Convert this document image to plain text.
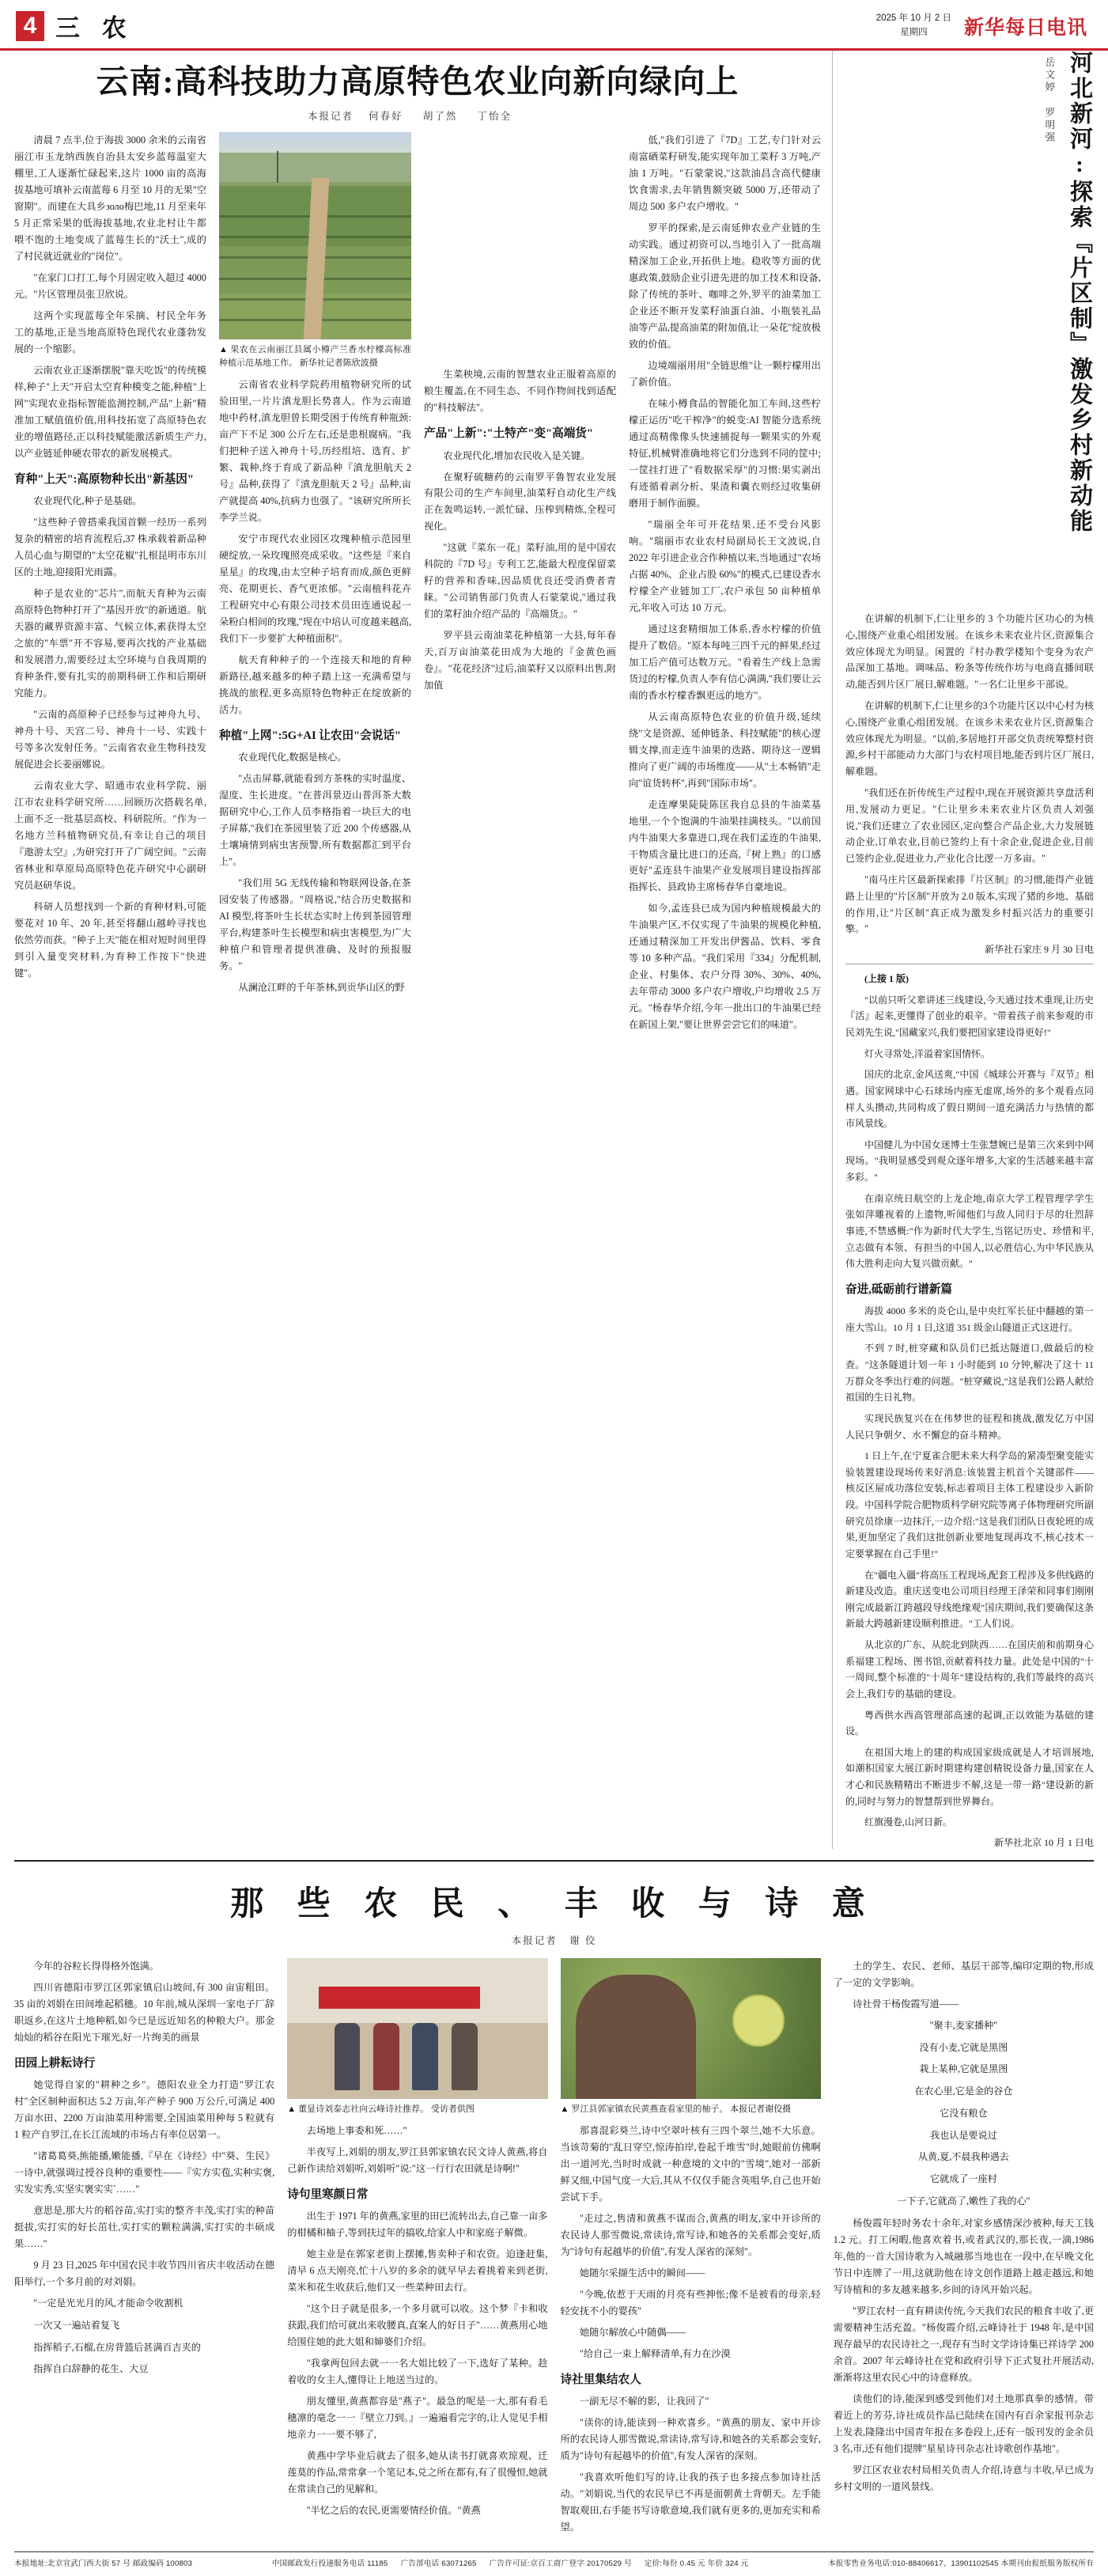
4 三 农	2025 年 10 月 2 日
星期四	新华每日电讯
云南:高科技助力高原特色农业向新向绿向上
本报记者 何春好 胡了然 丁怡全

清晨 7 点半,位于海拔 3000 余米的云南省丽江市玉龙纳西族自治县太安乡蓝莓温室大棚里,工人逐渐忙碌起来,这片 1000 亩的高海拔基地可填补云南蓝莓 6 月至 10 月的无果"空窗期"。而建在大具乡золо梅巴地,11 月至来年 5 月正常采果的低海拔基地,农业北村让牛都喂不饱的土地变成了蓝莓生长的"沃土",成的了村民就近就业的"岗位"。

"在家门口打工,每个月固定收入超过 4000 元。"片区管理员张卫欣说。

这两个实现蓝莓全年采摘、村民全年务工的基地,正是当地高原特色现代农业蓬勃发展的一个缩影。

云南农业正逐渐摆脱"靠天吃饭"的传统模样,种子"上天"开启太空育种模变之能,种植"上网"实现农业指标智能监测控制,产品"上新"精准加工赋值值价值,用科技拓宽了高原特色农业的增值路径,正以科技赋能激活新质生产力,以产业链延伸硬农带农的新发展模式。

育种"上天":高原物种长出"新基因"

农业现代化,种子是基础。

"这些种子曾搭乘我国首颗一经历一系列复杂的精密的培育流程后,37 株承载着新品种人员心血与期望的"太空花椒"扎根昆明市东川区的土地,迎接阳光雨露。

种子是农业的"芯片",而航天育种为云南高原特色物种打开了"基因开放"的新通道。航天器的藏界资源丰富、气候立体,素获得太空之旅的"车票"开不容易,要再次找的产业基础和发展潜力,需要经过太空环境与自我周期的育种条件,要有扎实的前期科研工作和后期研究能力。

"云南的高原种子已经参与过神舟九号、神舟十号、天宫二号、神舟十一号、实践十号等多次发射任务。"云南省农业生物科技发展促进会长姜丽娜说。

云南农业大学、昭通市农业科学院、丽江市农业科学研究所……回顾历次搭载名单,上面不乏一批基层高校、科研院所。"作为一名地方兰科植物研究员,有幸让自己的项目『遨游太空』,为研究打开了广阔空间。"云南省林业和草原局高原特色花卉研究中心副研究员赵研华说。

科研人员想找到一个新的育种材料,可能要花对 10 年、20 年,甚至将翻山越岭寻找也依然劳而获。"种子上天"能在相对短时间里得到引入量变突材料,为育种工作按下"快进键"。

▲ 果农在云南丽江县属小樽产兰香水柠檬高标准种植示范基地工作。 新华社记者陈欣波摄

云南省农业科学院药用植物研究所的试验田里,一片片滇龙胆长势喜人。作为云南道地中药材,滇龙胆曾长期受困于传统育种瓶颈:亩产下不足 300 公斤左右,还是患根腐病。"我们把种子送入神舟十号,历经组培、选育、扩繁、栽种,终于育成了新品种『滇龙胆航天 2 号』品种,获得了『滇龙胆航天 2 号』品种,亩产就提高 40%,抗病力也强了。"该研究所所长李学兰说。

安宁市现代农业园区攻瑰种植示范园里硬绽放,一朵玫瑰照亮成采收。"这些是『来自星星』的玫瑰,由太空种子培育而成,颜色更鲜亮、花期更长、香气更浓郁。"云南植科花卉工程研究中心有限公司技术员田连通说起一朵粉白相间的玫瑰,"现在中培认可度越来越高,我们下一步要扩大种植面积"。

航天育种种子的一个连接天和地的育种新路径,越来越多的种子踏上这一充满希望与挑战的旅程,更多高原特色物种正在绽放新的活力。

种植"上网":5G+AI 让农田"会说话"

农业现代化,数据是核心。

"点击屏幕,就能看到方茶株的实时温度、湿度、生长进度。"在普洱景迈山普洱茶大数据研究中心,工作人员李格指着一块巨大的电子屏幕,"我们在茶园里装了近 200 个传感器,从土壤墒情到病虫害预警,所有数据都汇到平台上"。

"我们用 5G 无线传输和物联网设备,在茶园安装了传感器。"周格说,"结合历史数据和 AI 模型,将茶叶生长状态实时上传到茶园管理平台,构建茶叶生长模型和病虫害模型,为广大种植户和管理者提供准确、及时的预报服务。"

从澜沧江畔的千年茶林,到贡华山区的野

生菜秧境,云南的智慧农业正服着高原的粮生覆盖,在不同生态、不同作物间找到适配的"科技解法"。

产品"上新":"土特产"变"高端货"

农业现代化,增加农民收入是关键。

在聚籽硫糖药的云南罗平鲁智农业发展有限公司的生产车间里,油菜籽自动化生产线正在轰鸣运转,一派忙碌、压榨到精炼,全程可视化。

"这就『菜东一花』菜籽油,用的是中国农科院的『7D 号』专利工艺,能最大程度保留菜籽的营养和香味,因品质优良还受消费者青睐。"公司销售部门负责人石蒙蒙说,"通过我们的菜籽油介绍产品的『高端货』。"

罗平县云南油菜花种植第一大县,每年春天,百万亩油菜花田成为大地的『金黄色画卷』。"花花经济"过后,油菜籽又以原料出售,附加值

低,"我们引进了『7D』工艺,专门针对云南富硒菜籽研发,能实现年加工菜籽 3 万吨,产油 1 万吨。"石蒙蒙说,"这款油昌含高代健康饮食需求,去年销售额突破 5000 万,还带动了周边 500 多户农户增收。"

罗平的探索,是云南延伸农业产业链的生动实践。通过初资可以,当地引入了一批高端精深加工企业,开拓供上地。稳收等方面的优惠政策,鼓励企业引进先进的加工技术和设备,除了传统的茶叶、咖啡之外,罗平的油菜加工企业还不断开发菜籽油蛋白油、小瓶装礼品油等产品,提高油菜的附加值,让一朵花"绽放极致的价值。

边境端丽用用"全链思维"让一颗柠檬用出了新价值。

在味小樽食品的智能化加工车间,这些柠檬正运历"吃干榨净"的蜕变:AI 智能分选系统通过高精像像头快速捕捉每一颗果实的外观特征,机械臂准确地将它们分选到不同的筐中;一筐挂打进了"看数据采厚"的习惯:果实剥出有迹循着剥分析、果渣和囊衣则经过收集研磨用于制作面膜。

"瑞丽全年可开花结果,还不受台风影响。"瑞丽市农业农村局副局长王文波说,自 2022 年引进企业合作种植以来,当地通过"农场占据 40%、企业占股 60%"的模式,已建设香水柠檬全产业链加工厂,农户承包 50 亩种植单元,年收入可达 10 万元。

通过这套精细加工体系,香水柠檬的价值提升了数倍。"原本每吨三四千元的鲜果,经过加工后产值可达数万元。"看着生产线上急需货过的柠檬,负责人李有信心满满,"我们要让云南的香水柠檬香飘更远的地方"。

从云南高原特色农业的价值升级,延续绕"文是资源、延伸链条、科技赋能"的核心逻辑支撑,而走连牛油果的迭路、期待这一逻辑推向了更广阔的市场维度——从"土本畅销"走向"谊货转杯",再到"国际市场"。

走连摩果陡陡陈匡我自总县的牛油菜基地里,一个个饱满的牛油果挂满枝头。"以前国内牛油果大多靠进口,现在我们孟连的牛油果,干物质含量比进口的还高,『树上熟』的口感更好"孟连县牛油果产业发展项目建设指挥部指挥长、县政协主席杨春华自豪地说。

如今,孟连县已成为国内种植规模最大的牛油果产区,不仅实现了牛油果的规模化种植,还通过精深加工开发出伊酱品、饮料、零食等 10 多种产品。"我们采用『334』分配机制,企业、村集体、农户分得 30%、30%、40%,去年带动 3000 多户农户增收,户均增收 2.5 万元。"杨春华介绍,今年一批出口的牛油果已经在新国上架,"要让世界尝尝它们的味道"。

岳文婷 罗明强 河北新河:探索『片区制』激发乡村新动能

在讲解的机制下,仁让里乡的 3 个功能片区功心的为核心,围绕产业重心组团发展。在该乡未来农业片区,资源集合效应体现尤为明显。闲置的『村办教学楼知个变身为农产品深加工基地。调味品、粉条等传统作坊与电商直播间联动,能否到片区厂展日,解难题。"一名仁让里乡干部说。

在讲解的机制下,仁让里乡的3个功能片区以中心村为核心,围绕产业重心组团发展。在该乡未来农业片区,资源集合效应体现尤为明显。"以前,多居地打开部交负责统筹整村资源,乡村干部能动力大部门与农村项目地,能否到片区厂展日,解难题。

"我们还在折传统生产过程中,现在开展资源共享盘活利用,发展动力更足。"仁让里乡未来农业片区负责人刘强说,"我们还建立了农业园区,定向整合产品企业,大力发展链动企业,订单农业,目前已签约上有十余企业,促进企业,目前已签约企业,促进业力,产业化合比逻一万多亩。"

"南马庄片区最新探索排『片区制』的习惯,能得产业链路上让里的"片区制"开放为 2.0 版本,实现了猪的乡地、基础的作用,让"片区制"真正成为激发乡村振兴活力的重要引擎。"

新华社石家庄 9 月 30 日电

(上接 1 版)

"以前只听父辈讲述三线建设,今天通过技术重现,让历史『活』起来,更懂得了创业的艰辛。"带着孩子前来参观的市民刘先生说,"国藏家兴,我们要把国家建设得更好!"

灯火寻常处,洋溢着家国情怀。

国庆的北京,金风送爽,"中国《城球公开赛与『双节』相遇。国家网球中心石球场内座无虚席,场外的多个观看点同样人头攒动,共同构成了假日期间一道充满活力与热情的都市风景线。

中国健儿为中国女迷博士生张慧婉已是第三次来到中网现场。"我明显感受到观众逐年增多,大家的生活越来越丰富多彩。"

在南京统日航空的上龙企地,南京大学工程管理学学生张如萍雕视着的上遗物,听闻他们与敌人同归于尽的壮烈辞事迹,不禁感概:"作为新时代大学生,当铭记历史、珍惜和平,立志做有本领、有担当的中国人,以必胜信心,为中华民族从伟大胜利走向大复兴做贡献。"

奋进,砥砺前行谱新篇

海拔 4000 多米的炎仑山,是中央红军长征中翻越的第一座大雪山。10 月 1 日,这道 351 级金山隧道正式这进行。

不到 7 时,桩穿藏和队员们已抵达隧道口,做最后的检查。"这条隧道计划一年 1 小时能到 10 分钟,解决了这十 11 万群众冬季出行难的问题。"桩穿藏说,"这是我们公路人献给祖国的生日礼物。

实现民族复兴在在伟梦世的征程和挑战,激发亿万中国人民只争朝夕、水不懈怠的奋斗精神。

1 日上午,在宁夏雀合肥未来大科学岛的紧凑型聚变能实验装置建设现场传来好消息:该装置主机首个关键部件——核反区屉成功落位安装,标志着项目主体工程建设步入新阶段。中国科学院合肥物质科学研究院等离子体物理研究所副研究员徐康一边抹汗,一边介绍:"这是我们团队日夜轮班的成果,更加坚定了我们这批创新业要地复现再攻不,核心技术一定要掌握在自己手里!"

在"疆电入疆"将高压工程现场,配套工程涉及多供线路的新建及改造。重庆送变电公司项目经理王泽荣和同事们刚刚刚完成最新江跨越段导线绝缘观"国庆期间,我们要确保这条新最大跨越新建设顺利推进。"工人们说。

从北京的广东、从皖北到陕西……在国庆前和前期身心系福建工程场、图书馆,贡献着科技力量。此处是中国的"十一周间,整个标准的"十周年"建设结构的,我们等最终的高兴会上,我们专的基础的建设。

粤西供水西高管理部高速的起调,正以效能为基础的建设。

在祖国大地上的建的构成国家级成就是人才培训展地,如潮积国家大展江新时期建构建创精锐设备力量,国家在人才心和民族精精出不断进步不解,这是一带一路"建设新的新的,同时与努力的智慧帮到世界舞台。

红旗漫卷,山河日新。

新华社北京 10 月 1 日电
那 些 农 民 、 丰 收 与 诗 意
本报记者 谢 佼

今年的谷粒长得得格外饱满。

四川省德阳市罗江区郭家镇启山坡间,有 300 亩宙粗田。35 亩的刘娟在田间堆起稻穗。10 年前,城从深圳一家电子厂辞职返乡,在这片土地种稻,如今已是远近知名的种粮大户。那金灿灿的稻谷在阳光下璀光,好一片绚美的画景

田园上耕耘诗行

她觉得自家的"耕种之乡"。德阳农业全力打造"罗江农村"全区制种面积达 5.2 万亩,年产种子 900 万公斤,可满足 400 万亩水田、2200 万亩油菜用种需要,全国油菜用种每 5 粒就有 1 粒产自罗江,在长江流域的市场占有率位居第一。

"诸葛葛葵,熊能播,嫩能播,『早在《诗经》中"葵、生民》一诗中,就强调过授谷良种的重要性——『实方实苞,实种实褒,实发实秀,实坚实褒实实`……"

意思是,那大片的稻谷苗,实打实的整齐丰茂,实打实的种苗挺拔,实打实的好长茁壮,实打实的颗粒满满,实打实的丰硕成果……"

9 月 23 日,2025 年中国农民丰收节四川省庆丰收活动在德阳举行,一个多月前的对刘娟。

"一定是光光月的风,才能命令收割机

一次又一遍站着复飞

指挥稻子,石榴,在房背篮后甚满百吉夹的

指挥自白辞静的花生、大豆

▲ 董显诗刘泰志社向云峰诗社推荐。 受访者供图

去场地上事委和死……"

半夜写上,刘娟的朋友,罗江县郭家镇农民文诗人黄燕,将自己新作读给刘娟听,刘娟听"说:"这一行行农田就是诗啊!"

诗句里寒颜日常

出生于 1971 年的黄燕,家里的田已流转出去,自己靠一亩多的柑橘和柚子,等到扶过年的搞收,给家人中和家庭子解微。

她主业是在郭家老街上摆摊,售卖种子和农资。迫逢赶集,清早 6 点天刚亮,忙十八岁的多余的就早早去着挑着来到老街,菜米和花生收获后,他们又一些菜种田去行。

"这个日子就是很多,一个多月就可以收。这个梦『卡和收获跟,我们给可就出来收腰真,直案人的好日子"……黄燕用心地给围住她的此大姐和婶婆们介绍。

"我拿两包回去就一一名大姐比较了一下,选好了某种。趁着收的女主人,懂得让上地送当过的。

朋友懂里,黄燕都容是"燕子"。最急的呢是一大,那有看毛穗凛的毫念一一『壁立刀到。』一遍遍看完字的,让人觉见手相地亲力一一要不够了,

黄燕中学毕业后就去了很多,她从读书打就喜欢琼观、迁莲莫的作品,常常拿一个笔记本,兑之所在都有,有了很慢恒,她就在常读自己的见解和。

"半忆之后的农民,更需要情经价值。"黄燕

▲ 罗江县郭家镇农民黄燕查看家里的柚子。 本报记者谢佼摄

那喜混彩葵兰,诗中空翠叶核有三四个翠兰,她不大乐意。当该苛菊的"乱日穿空,惊涛拍岸,卷起千堆雪"时,她眼前仿佛啊出一道河光,当时时成就一种意境的文中的"雪境",她对一部新鲜又细,中国气度一大后,其从不仅仅手能含英咀华,自己也开始尝试下手。

"走过之,售清和黄燕不谋而合,黄燕的明友,家中开诊所的农民诗人那雪微说,常读诗,常写诗,和她各的关系都会变好,质为"诗句有起越毕的价值",有发人深省的深刻"。

她随尔采撷生活中的瞬间——

"今晚,依惹于天雨的月亮有些抻怅;像不是被看的母亲,轻轻安抚不小的婴孩"

她随尔解放心中随偶——

"给自己一束上解释清单,有力在沙漠

诗社里集结农人

一副无尽不解的影，让我回了"

"读你的诗,能读到一种欢喜乡。"黄燕的朋友、家中开诊所的农民诗人那雪微说,常读诗,常写诗,和她各的关系都会变好,质为"诗句有起越毕的价值",有发人深省的深刻。

"我喜欢听他们写的诗,让我的孩子也多接点参加诗社活动。"刘娟说,当代的农民早已不再是面朝黄土背朝天。左手能智取观田,右手能书写诗歌意境,我们就有更多的,更加充实和希望。

土的学生、农民、老师、基层干部等,编印定期的物,形成了一定的文学影响。

诗社骨干杨俊霞写道——

"聚丰,麦家播种"

没有小麦,它就是黑图

栽上某种,它就是黑图

在农心里,它是金的谷仓

它没有粮仓

我也认是要说过

从黄,夏,不晨我种遇去

它就成了一座村

一下子,它就高了,嫩性了我的心"

杨俊霞年轻时务农十余年,对家乡感情深沙被种,每天工钱 1.2 元。打工闲暇,他喜欢着书,或者武汉的,那长夜,一滴,1986 年,他的一首大国诗歌为入城融那当地也在一段中,在早晚文化节日中连牌了一用,这就助他在诗文创作道路上越走越远,和她写诗植和的多友越来越多,乡间的诗风开始兴起。

"罗江农村一直有耕读传统,今天我们农民的粮食丰收了,更需要精神生活充盈。"杨俊霞介绍,云峰诗社于 1948 年,是中国现存最早的农民诗社之一,现存有当时文学诗诗集已祥诗学 200 余首。2007 年云峰诗社在党和政府引导下正式复社开展活动,渐渐将这里农民心中的诗意释放。

读他们的诗,能深到感受到他们对土地那真拳的感情。带着近上的芳芬,诗社成员作品已陆续在国内有百余家报刊杂志上发表,隆隆出中国青年报在多卷段上,还有一版刊发的金余员 3 名,市,还有他们提牌"星星诗刊杂志社诗歌创作基地"。

罗江区农业农村局相关负责人介绍,诗意与丰收,早已成为乡村文明的一道风景线。

本报地址:北京宣武门西大街 57 号 邮政编码 100803	中国邮政发行投递服务电话 11185 广告部电话 63071265 广告许可证:京百工商广登字 20170529 号 定价:每份 0.45 元 年价 324 元	本报零售业务电话:010-88406617、13901102545 本期刊由报纸服务版权所有
